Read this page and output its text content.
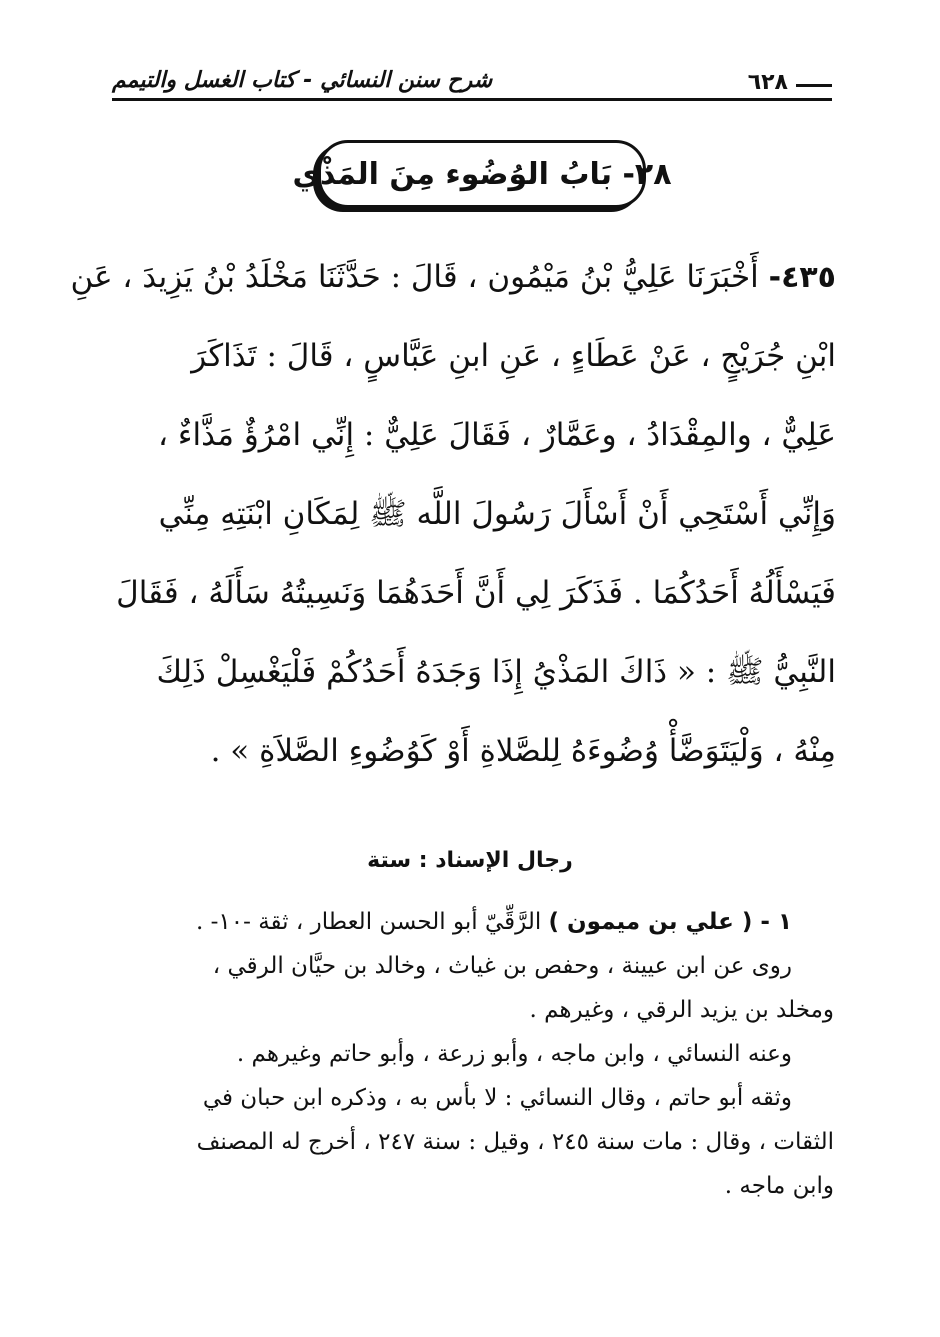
شرح سنن النسائي - كتاب الغسل والتيمم	٦٢٨
٢٨- بَابُ الوُضُوء مِنَ المَذْي
٤٣٥- أَخْبَرَنَا عَلِيُّ بْنُ مَيْمُون ، قَالَ : حَدَّثَنَا مَخْلَدُ بْنُ يَزِيدَ ، عَنِ
ابْنِ جُرَيْجٍ ، عَنْ عَطَاءٍ ، عَنِ ابنِ عَبَّاسٍ ، قَالَ : تَذَاكَرَ
عَلِيٌّ ، والمِقْدَادُ ، وعَمَّارٌ ، فَقَالَ عَلِيٌّ : إِنِّي امْرُؤٌ مَذَّاءٌ ،
وَإِنِّي أَسْتَحِي أَنْ أَسْأَلَ رَسُولَ اللَّه ﷺ لِمَكَانِ ابْنَتِهِ مِنِّي
فَيَسْأَلُهُ أَحَدُكُمَا . فَذَكَرَ لِي أَنَّ أَحَدَهُمَا وَنَسِيتُهُ سَأَلَهُ ، فَقَالَ
النَّبِيُّ ﷺ : « ذَاكَ المَذْيُ إِذَا وَجَدَهُ أَحَدُكُمْ فَلْيَغْسِلْ ذَلِكَ
مِنْهُ ، وَلْيَتَوَضَّأْ وُضُوءَهُ لِلصَّلاةِ أَوْ كَوُضُوءِ الصَّلاَةِ » .
رجال الإسناد : ستة
١ - ( علي بن ميمون ) الرَّقِّيّ أبو الحسن العطار ، ثقة -١٠- .
روى عن ابن عيينة ، وحفص بن غياث ، وخالد بن حيَّان الرقي ،
ومخلد بن يزيد الرقي ، وغيرهم .
وعنه النسائي ، وابن ماجه ، وأبو زرعة ، وأبو حاتم وغيرهم .
وثقه أبو حاتم ، وقال النسائي : لا بأس به ، وذكره ابن حبان في
الثقات ، وقال : مات سنة ٢٤٥ ، وقيل : سنة ٢٤٧ ، أخرج له المصنف
وابن ماجه .
